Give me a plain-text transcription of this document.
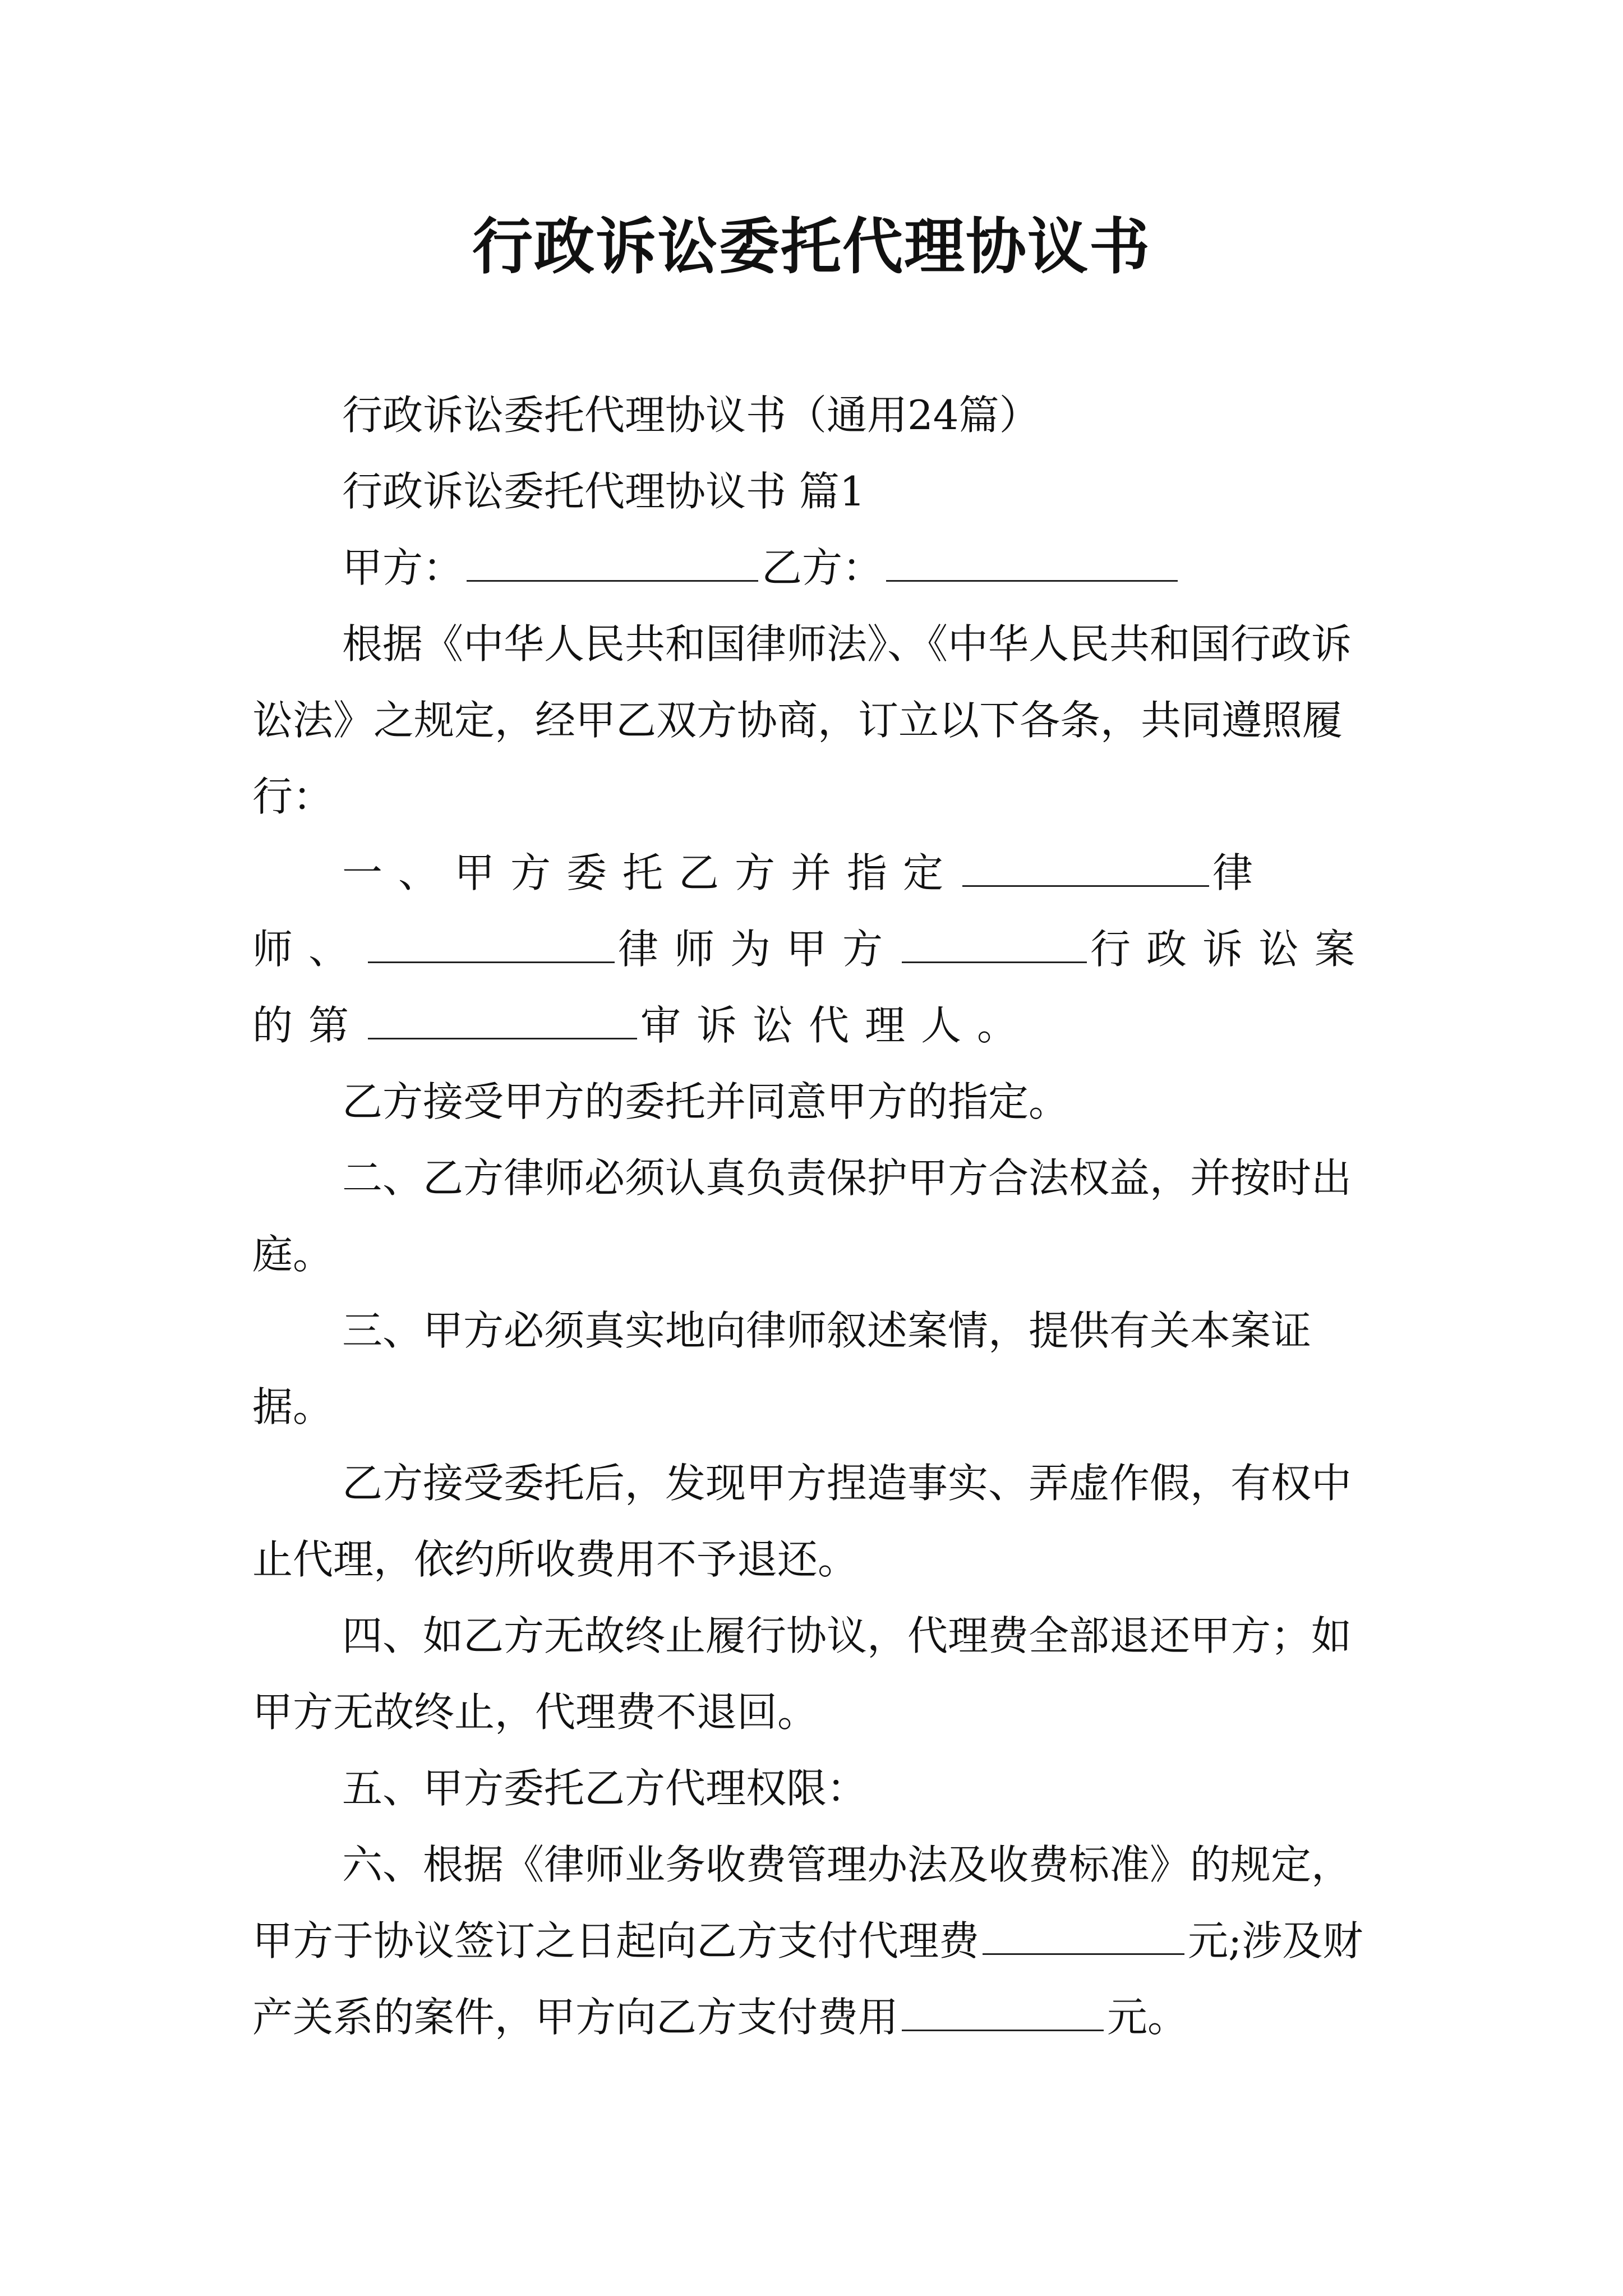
行政诉讼委托代理协议书

行政诉讼委托代理协议书（通用24篇）

行政诉讼委托代理协议书 篇1

甲方：	乙方：

根据《中华人民共和国律师法》、《中华人民共和国行政诉讼法》之规定，经甲乙双方协商，订立以下各条，共同遵照履行：

一、甲方委托乙方并指定	律师、	律师为甲方	行政诉讼案的第	审诉讼代理人。

乙方接受甲方的委托并同意甲方的指定。

二、乙方律师必须认真负责保护甲方合法权益，并按时出庭。

三、甲方必须真实地向律师叙述案情，提供有关本案证据。

乙方接受委托后，发现甲方捏造事实、弄虚作假，有权中止代理，依约所收费用不予退还。

四、如乙方无故终止履行协议，代理费全部退还甲方；如甲方无故终止，代理费不退回。

五、甲方委托乙方代理权限：

六、根据《律师业务收费管理办法及收费标准》的规定，甲方于协议签订之日起向乙方支付代理费	元;涉及财产关系的案件，甲方向乙方支付费用	元。
